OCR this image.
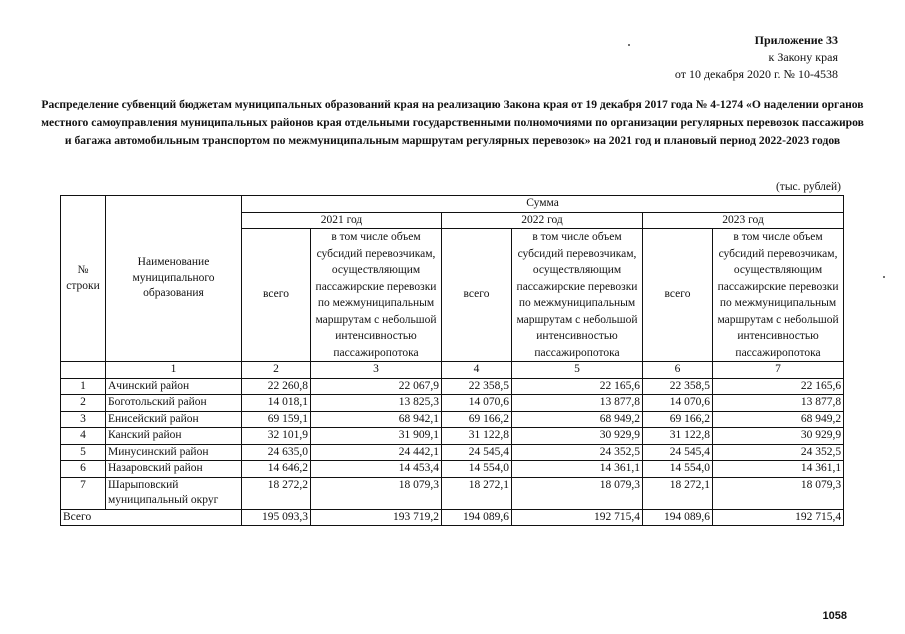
Приложение 33
к Закону края
от 10 декабря 2020 г. № 10-4538
Распределение субвенций бюджетам муниципальных образований края на реализацию Закона края от 19 декабря 2017 года № 4-1274 «О наделении органов местного самоуправления муниципальных районов края отдельными государственными полномочиями по организации регулярных перевозок пассажиров и багажа автомобильным транспортом по межмуниципальным маршрутам регулярных перевозок» на 2021 год и плановый период 2022-2023 годов
(тыс. рублей)
№ строки	Наименование муниципального образования	Сумма					
		2021 год		2022 год		2023 год	
		всего	в том числе объем субсидий перевозчикам, осуществляющим пассажирские перевозки по межмуниципальным маршрутам с небольшой интенсивностью пассажиропотока	всего	в том числе объем субсидий перевозчикам, осуществляющим пассажирские перевозки по межмуниципальным маршрутам с небольшой интенсивностью пассажиропотока	всего	в том числе объем субсидий перевозчикам, осуществляющим пассажирские перевозки по межмуниципальным маршрутам с небольшой интенсивностью пассажиропотока
	1	2	3	4	5	6	7
1	Ачинский район	22 260,8	22 067,9	22 358,5	22 165,6	22 358,5	22 165,6
2	Боготольский район	14 018,1	13 825,3	14 070,6	13 877,8	14 070,6	13 877,8
3	Енисейский район	69 159,1	68 942,1	69 166,2	68 949,2	69 166,2	68 949,2
4	Канский район	32 101,9	31 909,1	31 122,8	30 929,9	31 122,8	30 929,9
5	Минусинский район	24 635,0	24 442,1	24 545,4	24 352,5	24 545,4	24 352,5
6	Назаровский район	14 646,2	14 453,4	14 554,0	14 361,1	14 554,0	14 361,1
7	Шарыповский муниципальный округ	18 272,2	18 079,3	18 272,1	18 079,3	18 272,1	18 079,3
Всего		195 093,3	193 719,2	194 089,6	192 715,4	194 089,6	192 715,4
1058
